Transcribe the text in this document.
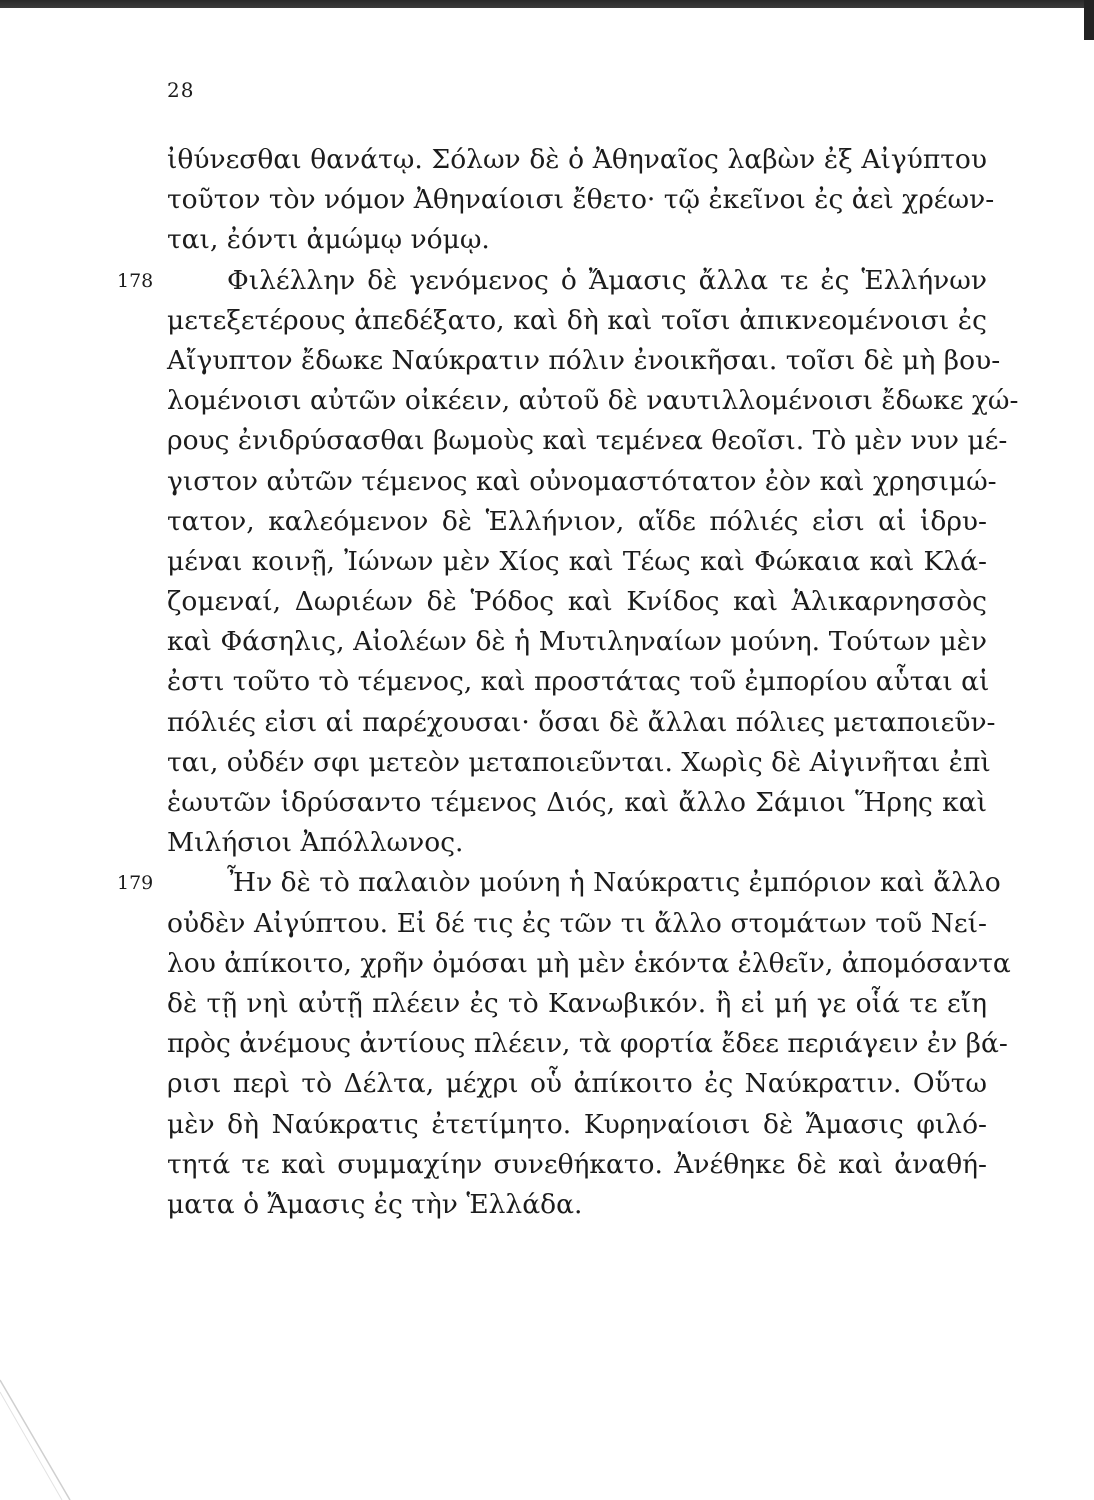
28
ἰθύνεσθαι θανάτῳ. Σόλων δὲ ὁ Ἀθηναῖος λαβὼν ἐξ Αἰγύπτου
τοῦτον τὸν νόμον Ἀθηναίοισι ἔθετο· τῷ ἐκεῖνοι ἐς ἀεὶ χρέων-
ται, ἐόντι ἀμώμῳ νόμῳ.
178	Φιλέλλην δὲ γενόμενος ὁ Ἄμασις ἄλλα τε ἐς Ἑλλήνων
μετεξετέρους ἀπεδέξατο, καὶ δὴ καὶ τοῖσι ἀπικνεομένοισι ἐς
Αἴγυπτον ἔδωκε Ναύκρατιν πόλιν ἐνοικῆσαι. τοῖσι δὲ μὴ βου-
λομένοισι αὐτῶν οἰκέειν, αὐτοῦ δὲ ναυτιλλομένοισι ἔδωκε χώ-
ρους ἐνιδρύσασθαι βωμοὺς καὶ τεμένεα θεοῖσι. Τὸ μὲν νυν μέ-
γιστον αὐτῶν τέμενος καὶ οὐνομαστότατον ἐὸν καὶ χρησιμώ-
τατον, καλεόμενον δὲ Ἑλλήνιον, αἵδε πόλιές εἰσι αἱ ἱδρυ-
μέναι κοινῇ, Ἰώνων μὲν Χίος καὶ Τέως καὶ Φώκαια καὶ Κλά-
ζομεναί, Δωριέων δὲ Ῥόδος καὶ Κνίδος καὶ Ἁλικαρνησσὸς
καὶ Φάσηλις, Αἰολέων δὲ ἡ Μυτιληναίων μούνη. Τούτων μὲν
ἐστι τοῦτο τὸ τέμενος, καὶ προστάτας τοῦ ἐμπορίου αὗται αἱ
πόλιές εἰσι αἱ παρέχουσαι· ὅσαι δὲ ἄλλαι πόλιες μεταποιεῦν-
ται, οὐδέν σφι μετεὸν μεταποιεῦνται. Χωρὶς δὲ Αἰγινῆται ἐπὶ
ἑωυτῶν ἱδρύσαντο τέμενος Διός, καὶ ἄλλο Σάμιοι Ἥρης καὶ
Μιλήσιοι Ἀπόλλωνος.
179	Ἦν δὲ τὸ παλαιὸν μούνη ἡ Ναύκρατις ἐμπόριον καὶ ἄλλο
οὐδὲν Αἰγύπτου. Εἰ δέ τις ἐς τῶν τι ἄλλο στομάτων τοῦ Νεί-
λου ἀπίκοιτο, χρῆν ὀμόσαι μὴ μὲν ἑκόντα ἐλθεῖν, ἀπομόσαντα
δὲ τῇ νηὶ αὐτῇ πλέειν ἐς τὸ Κανωβικόν. ἢ εἰ μή γε οἷά τε εἴη
πρὸς ἀνέμους ἀντίους πλέειν, τὰ φορτία ἔδεε περιάγειν ἐν βά-
ρισι περὶ τὸ Δέλτα, μέχρι οὗ ἀπίκοιτο ἐς Ναύκρατιν. Οὕτω
μὲν δὴ Ναύκρατις ἐτετίμητο. Κυρηναίοισι δὲ Ἄμασις φιλό-
τητά τε καὶ συμμαχίην συνεθήκατο. Ἀνέθηκε δὲ καὶ ἀναθή-
ματα ὁ Ἄμασις ἐς τὴν Ἑλλάδα.
